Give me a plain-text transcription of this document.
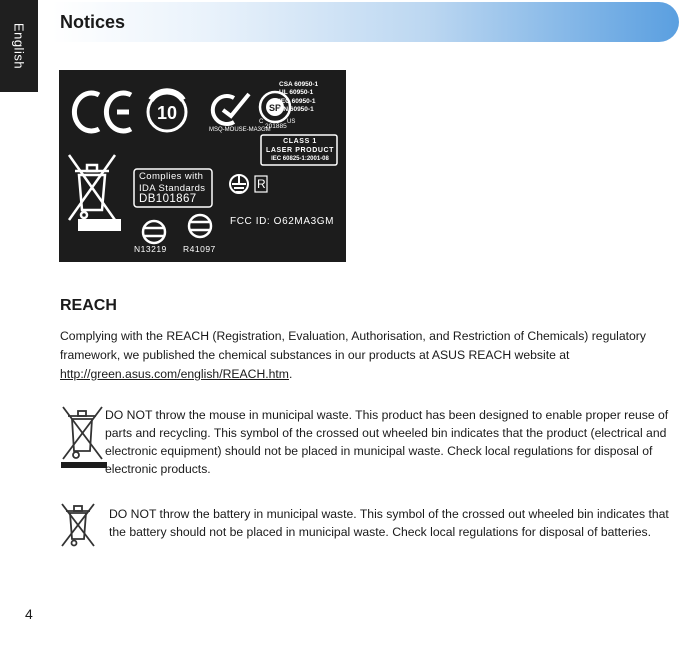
English
Notices
10
MSQ-MOUSE-MA3GM
SP
CSA 60950-1
UL 60950-1
IEC 60950-1
EN 60950-1
C	US
201885
CLASS 1
LASER PRODUCT
IEC 60825-1:2001-08
Complies with
IDA Standards
DB101867
R
FCC ID: O62MA3GM
N13219 R41097
REACH
Complying with the REACH (Registration, Evaluation, Authorisation, and Restriction of Chemicals) regulatory framework, we published the chemical substances in our products at ASUS REACH website at http://green.asus.com/english/REACH.htm.
DO NOT throw the mouse in municipal waste. This product has been designed to enable proper reuse of parts and recycling. This symbol of the crossed out wheeled bin indicates that the product (electrical and electronic equipment) should not be placed in municipal waste. Check local regulations for disposal of electronic products.
DO NOT throw the battery in municipal waste. This symbol of the crossed out wheeled bin indicates that the battery should not be placed in municipal waste. Check local regulations for disposal of batteries.
4
